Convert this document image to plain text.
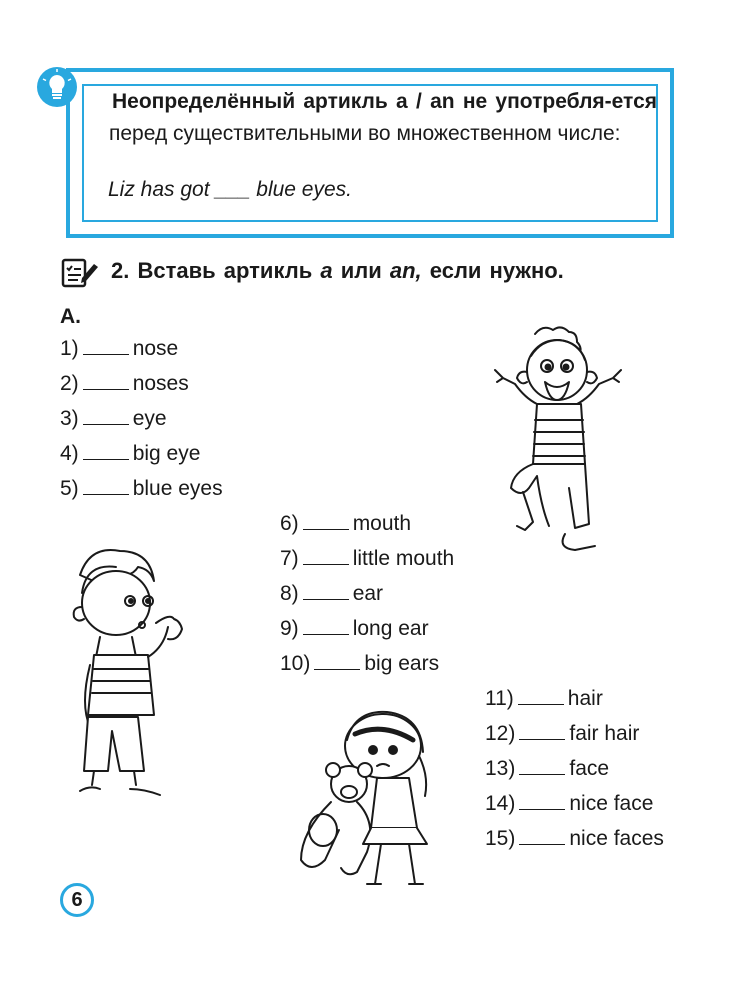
Неопределённый артикль a / an не употребля-ется перед существительными во множественном числе:
Liz has got ___ blue eyes.
2. Вставь артикль a или an, если нужно.
A.
1)	nose
2)	noses
3)	eye
4)	big eye
5)	blue eyes
6)	mouth
7)	little mouth
8)	ear
9)	long ear
10)	big ears
11)	hair
12)	fair hair
13)	face
14)	nice face
15)	nice faces
6
